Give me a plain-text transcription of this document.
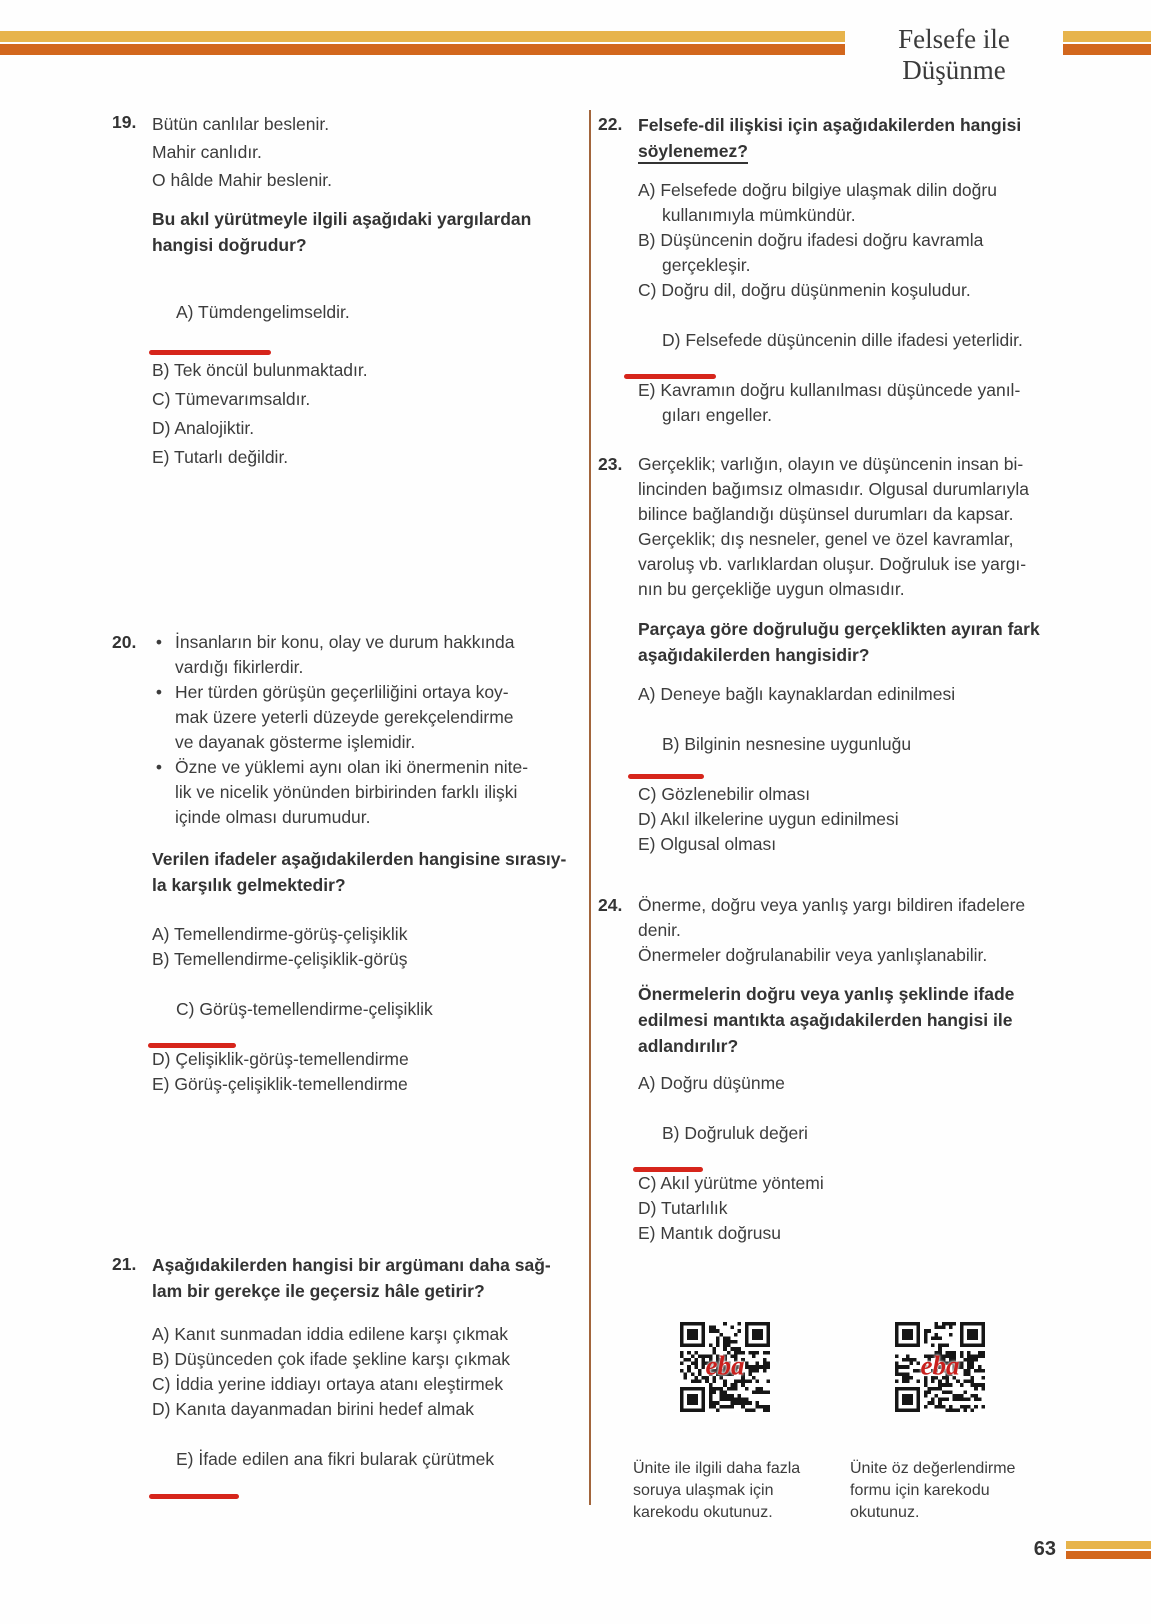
Felsefe ile Düşünme
19. Bütün canlılar beslenir.

Mahir canlıdır.

O hâlde Mahir beslenir.

Bu akıl yürütmeyle ilgili aşağıdaki yargılardan
hangisi doğrudur?

A) Tümdengelimseldir.

B) Tek öncül bulunmaktadır.
C) Tümevarımsaldır.
D) Analojiktir.
E) Tutarlı değildir.
20.	• İnsanların bir konu, olay ve durum hakkında
vardığı fikirlerdir.
• Her türden görüşün geçerliliğini ortaya koy-
mak üzere yeterli düzeyde gerekçelendirme
ve dayanak gösterme işlemidir.
• Özne ve yüklemi aynı olan iki önermenin nite-
lik ve nicelik yönünden birbirinden farklı ilişki
içinde olması durumudur.

Verilen ifadeler aşağıdakilerden hangisine sırasıy-
la karşılık gelmektedir?

A) Temellendirme-görüş-çelişiklik
B) Temellendirme-çelişiklik-görüş

C) Görüş-temellendirme-çelişiklik

D) Çelişiklik-görüş-temellendirme
E) Görüş-çelişiklik-temellendirme
21. Aşağıdakilerden hangisi bir argümanı daha sağ-
lam bir gerekçe ile geçersiz hâle getirir?

A) Kanıt sunmadan iddia edilene karşı çıkmak
B) Düşünceden çok ifade şekline karşı çıkmak
C) İddia yerine iddiayı ortaya atanı eleştirmek
D) Kanıta dayanmadan birini hedef almak

E) İfade edilen ana fikri bularak çürütmek

22. Felsefe-dil ilişkisi için aşağıdakilerden hangisi
söylenemez?

A) Felsefede doğru bilgiye ulaşmak dilin doğru
kullanımıyla mümkündür.
B) Düşüncenin doğru ifadesi doğru kavramla
gerçekleşir.
C) Doğru dil, doğru düşünmenin koşuludur.

D) Felsefede düşüncenin dille ifadesi yeterlidir.

E) Kavramın doğru kullanılması düşüncede yanıl-
gıları engeller.
23. Gerçeklik; varlığın, olayın ve düşüncenin insan bi-
lincinden bağımsız olmasıdır. Olgusal durumlarıyla
bilince bağlandığı düşünsel durumları da kapsar.
Gerçeklik; dış nesneler, genel ve özel kavramlar,
varoluş vb. varlıklardan oluşur. Doğruluk ise yargı-
nın bu gerçekliğe uygun olmasıdır.

Parçaya göre doğruluğu gerçeklikten ayıran fark
aşağıdakilerden hangisidir?

A) Deneye bağlı kaynaklardan edinilmesi

B) Bilginin nesnesine uygunluğu

C) Gözlenebilir olması
D) Akıl ilkelerine uygun edinilmesi
E) Olgusal olması
24. Önerme, doğru veya yanlış yargı bildiren ifadelere
denir.

Önermeler doğrulanabilir veya yanlışlanabilir.

Önermelerin doğru veya yanlış şeklinde ifade
edilmesi mantıkta aşağıdakilerden hangisi ile
adlandırılır?

A) Doğru düşünme

B) Doğruluk değeri

C) Akıl yürütme yöntemi
D) Tutarlılık
E) Mantık doğrusu
eba	eba

Ünite ile ilgili daha fazla
soruya ulaşmak için
karekodu okutunuz.

Ünite öz değerlendirme
formu için karekodu
okutunuz.

63
